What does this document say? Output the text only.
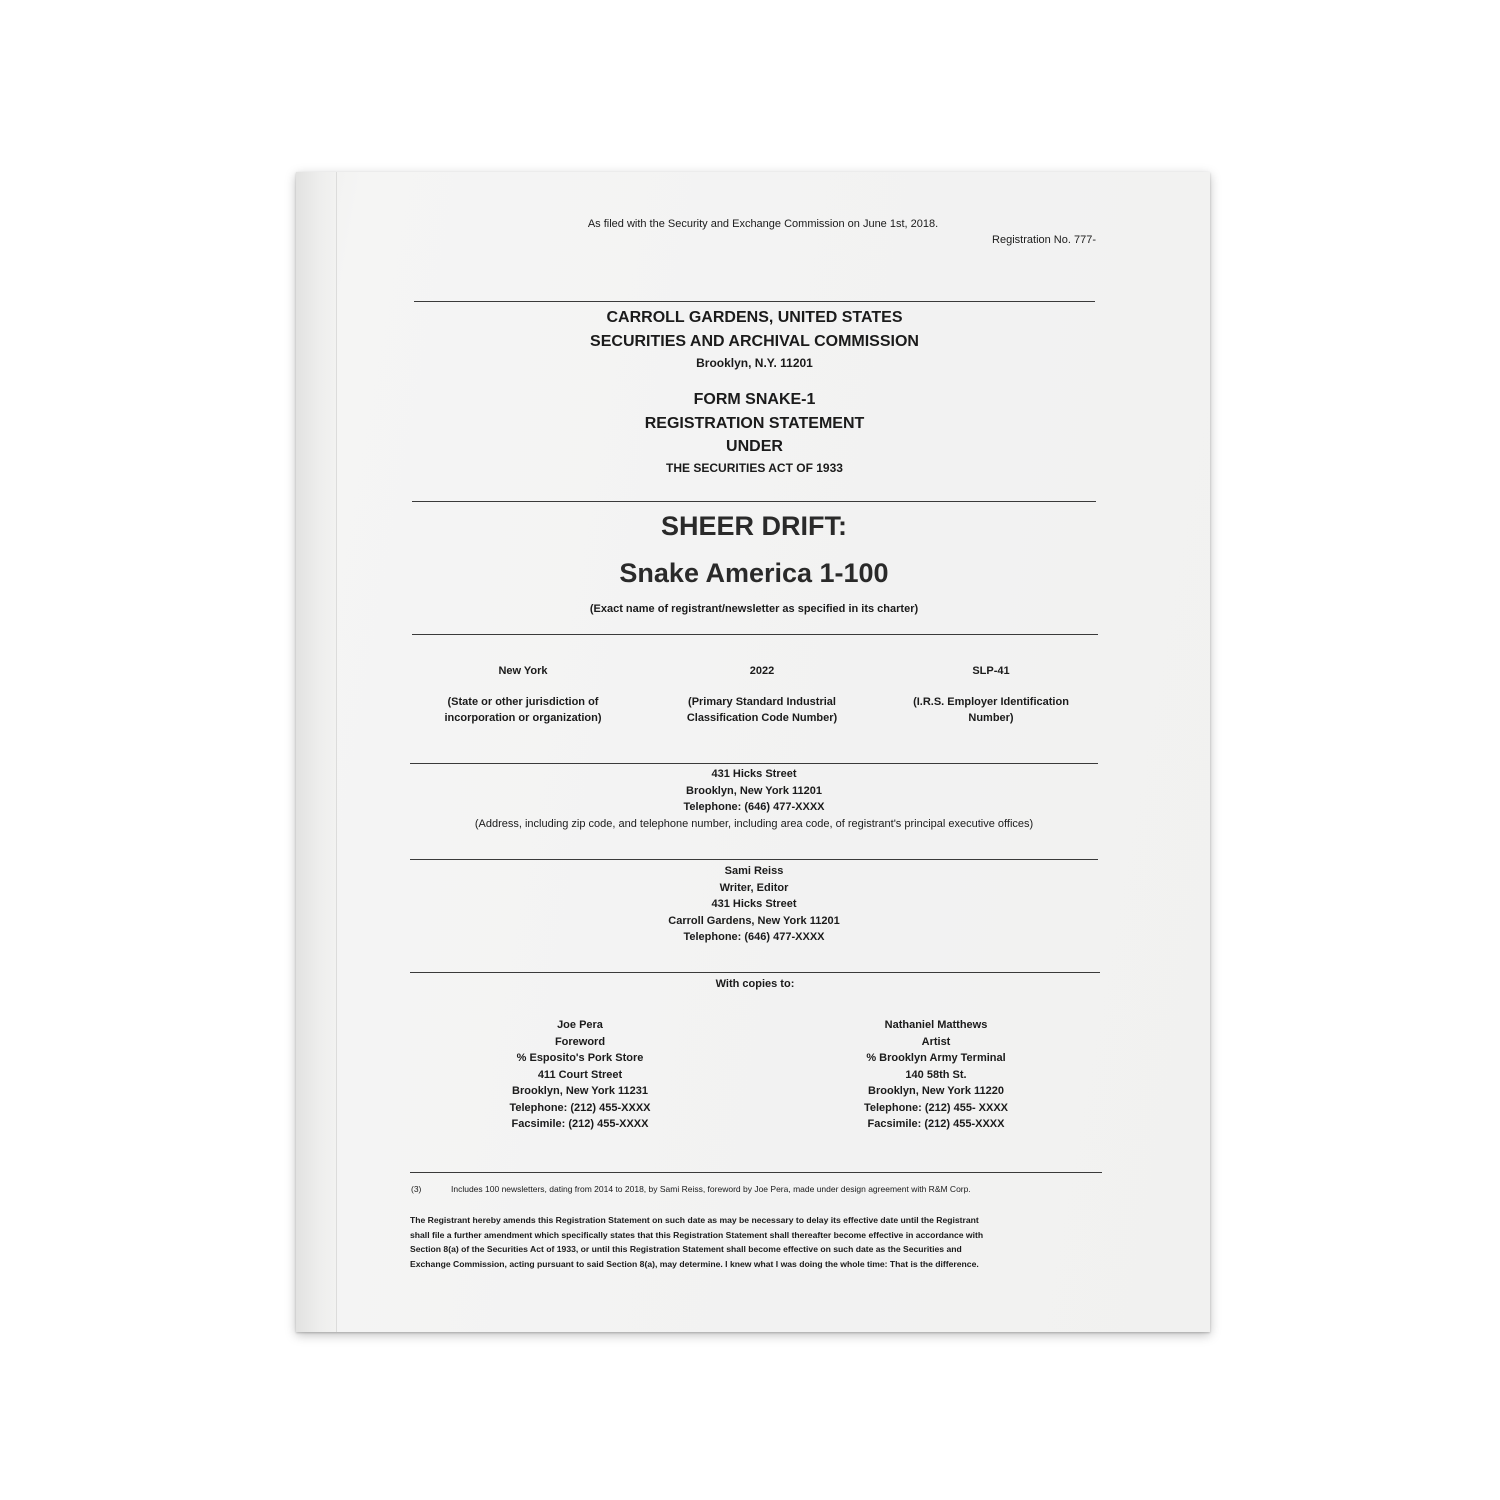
As filed with the Security and Exchange Commission on June 1st, 2018.
Registration No. 777-
CARROLL GARDENS, UNITED STATES
SECURITIES AND ARCHIVAL COMMISSION
Brooklyn, N.Y. 11201
FORM SNAKE-1
REGISTRATION STATEMENT
UNDER
THE SECURITIES ACT OF 1933
SHEER DRIFT:
Snake America 1-100
(Exact name of registrant/newsletter as specified in its charter)
New York
(State or other jurisdiction of
incorporation or organization)
2022
(Primary Standard Industrial
Classification Code Number)
SLP-41
(I.R.S. Employer Identification
Number)
431 Hicks Street
Brooklyn, New York 11201
Telephone: (646) 477-XXXX
(Address, including zip code, and telephone number, including area code, of registrant's principal executive offices)
Sami Reiss
Writer, Editor
431 Hicks Street
Carroll Gardens, New York 11201
Telephone: (646) 477-XXXX
With copies to:
Joe Pera
Foreword
% Esposito's Pork Store
411 Court Street
Brooklyn, New York 11231
Telephone: (212) 455-XXXX
Facsimile: (212) 455-XXXX
Nathaniel Matthews
Artist
% Brooklyn Army Terminal
140 58th St.
Brooklyn, New York 11220
Telephone: (212) 455- XXXX
Facsimile: (212) 455-XXXX
(3)	Includes 100 newsletters, dating from 2014 to 2018, by Sami Reiss, foreword by Joe Pera, made under design agreement with R&M Corp.
The Registrant hereby amends this Registration Statement on such date as may be necessary to delay its effective date until the Registrant
shall file a further amendment which specifically states that this Registration Statement shall thereafter become effective in accordance with
Section 8(a) of the Securities Act of 1933, or until this Registration Statement shall become effective on such date as the Securities and
Exchange Commission, acting pursuant to said Section 8(a), may determine. I knew what I was doing the whole time: That is the difference.
